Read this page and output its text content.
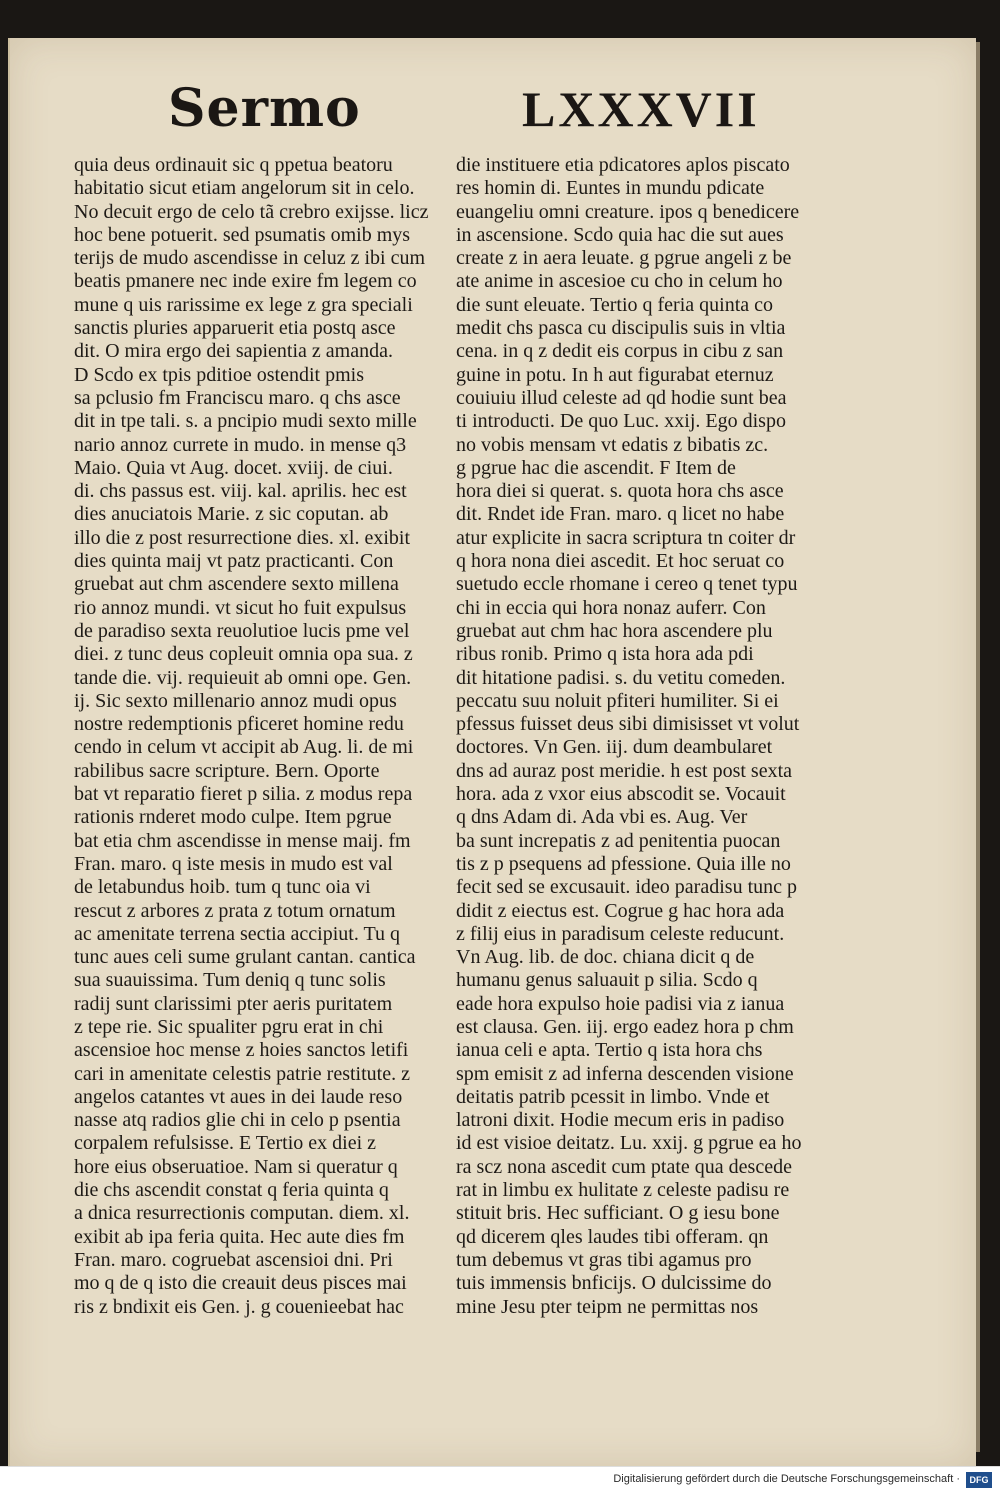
Sermo	LXXXVII
quia deus ordinauit sic q ppetua beatoru
habitatio sicut etiam angelorum sit in celo.
No decuit ergo de celo tã crebro exijsse. licz
hoc bene potuerit. sed psumatis omib mys
terijs de mudo ascendisse in celuz z ibi cum
beatis pmanere nec inde exire fm legem co
mune q uis rarissime ex lege z gra speciali
sanctis pluries apparuerit etia postq asce
dit. O mira ergo dei sapientia z amanda.
D Scdo ex tpis pditioe ostendit pmis
sa pclusio fm Franciscu maro. q chs asce
dit in tpe tali. s. a pncipio mudi sexto mille
nario annoz currete in mudo. in mense q3
Maio. Quia vt Aug. docet. xviij. de ciui.
di. chs passus est. viij. kal. aprilis. hec est
dies anuciatois Marie. z sic coputan. ab
illo die z post resurrectione dies. xl. exibit
dies quinta maij vt patz practicanti. Con
gruebat aut chm ascendere sexto millena
rio annoz mundi. vt sicut ho fuit expulsus
de paradiso sexta reuolutioe lucis pme vel
diei. z tunc deus copleuit omnia opa sua. z
tande die. vij. requieuit ab omni ope. Gen.
ij. Sic sexto millenario annoz mudi opus
nostre redemptionis pficeret homine redu
cendo in celum vt accipit ab Aug. li. de mi
rabilibus sacre scripture. Bern. Oporte
bat vt reparatio fieret p silia. z modus repa
rationis rnderet modo culpe. Item pgrue
bat etia chm ascendisse in mense maij. fm
Fran. maro. q iste mesis in mudo est val
de letabundus hoib. tum q tunc oia vi
rescut z arbores z prata z totum ornatum
ac amenitate terrena sectia accipiut. Tu q
tunc aues celi sume grulant cantan. cantica
sua suauissima. Tum deniq q tunc solis
radij sunt clarissimi pter aeris puritatem
z tepe rie. Sic spualiter pgru erat in chi
ascensioe hoc mense z hoies sanctos letifi
cari in amenitate celestis patrie restitute. z
angelos catantes vt aues in dei laude reso
nasse atq radios glie chi in celo p psentia
corpalem refulsisse. E Tertio ex diei z
hore eius obseruatioe. Nam si queratur q
die chs ascendit constat q feria quinta q
a dnica resurrectionis computan. diem. xl.
exibit ab ipa feria quita. Hec aute dies fm
Fran. maro. cogruebat ascensioi dni. Pri
mo q de q isto die creauit deus pisces mai
ris z bndixit eis Gen. j. g couenieebat hac
die instituere etia pdicatores aplos piscato
res homin di. Euntes in mundu pdicate
euangeliu omni creature. ipos q benedicere
in ascensione. Scdo quia hac die sut aues
create z in aera leuate. g pgrue angeli z be
ate anime in ascesioe cu cho in celum ho
die sunt eleuate. Tertio q feria quinta co
medit chs pasca cu discipulis suis in vltia
cena. in q z dedit eis corpus in cibu z san
guine in potu. In h aut figurabat eternuz
couiuiu illud celeste ad qd hodie sunt bea
ti introducti. De quo Luc. xxij. Ego dispo
no vobis mensam vt edatis z bibatis zc.
g pgrue hac die ascendit. F Item de
hora diei si querat. s. quota hora chs asce
dit. Rndet ide Fran. maro. q licet no habe
atur explicite in sacra scriptura tn coiter dr
q hora nona diei ascedit. Et hoc seruat co
suetudo eccle rhomane i cereo q tenet typu
chi in eccia qui hora nonaz auferr. Con
gruebat aut chm hac hora ascendere plu
ribus ronib. Primo q ista hora ada pdi
dit hitatione padisi. s. du vetitu comeden.
peccatu suu noluit pfiteri humiliter. Si ei
pfessus fuisset deus sibi dimisisset vt volut
doctores. Vn Gen. iij. dum deambularet
dns ad auraz post meridie. h est post sexta
hora. ada z vxor eius abscodit se. Vocauit
q dns Adam di. Ada vbi es. Aug. Ver
ba sunt increpatis z ad penitentia puocan
tis z p psequens ad pfessione. Quia ille no
fecit sed se excusauit. ideo paradisu tunc p
didit z eiectus est. Cogrue g hac hora ada
z filij eius in paradisum celeste reducunt.
Vn Aug. lib. de doc. chiana dicit q de
humanu genus saluauit p silia. Scdo q
eade hora expulso hoie padisi via z ianua
est clausa. Gen. iij. ergo eadez hora p chm
ianua celi e apta. Tertio q ista hora chs
spm emisit z ad inferna descenden visione
deitatis patrib pcessit in limbo. Vnde et
latroni dixit. Hodie mecum eris in padiso
id est visioe deitatz. Lu. xxij. g pgrue ea ho
ra scz nona ascedit cum ptate qua descede
rat in limbu ex hulitate z celeste padisu re
stituit bris. Hec sufficiant. O g iesu bone
qd dicerem qles laudes tibi offeram. qn
tum debemus vt gras tibi agamus pro
tuis immensis bnficijs. O dulcissime do
mine Jesu pter teipm ne permittas nos
Digitalisierung gefördert durch die Deutsche Forschungsgemeinschaft ·	DFG
